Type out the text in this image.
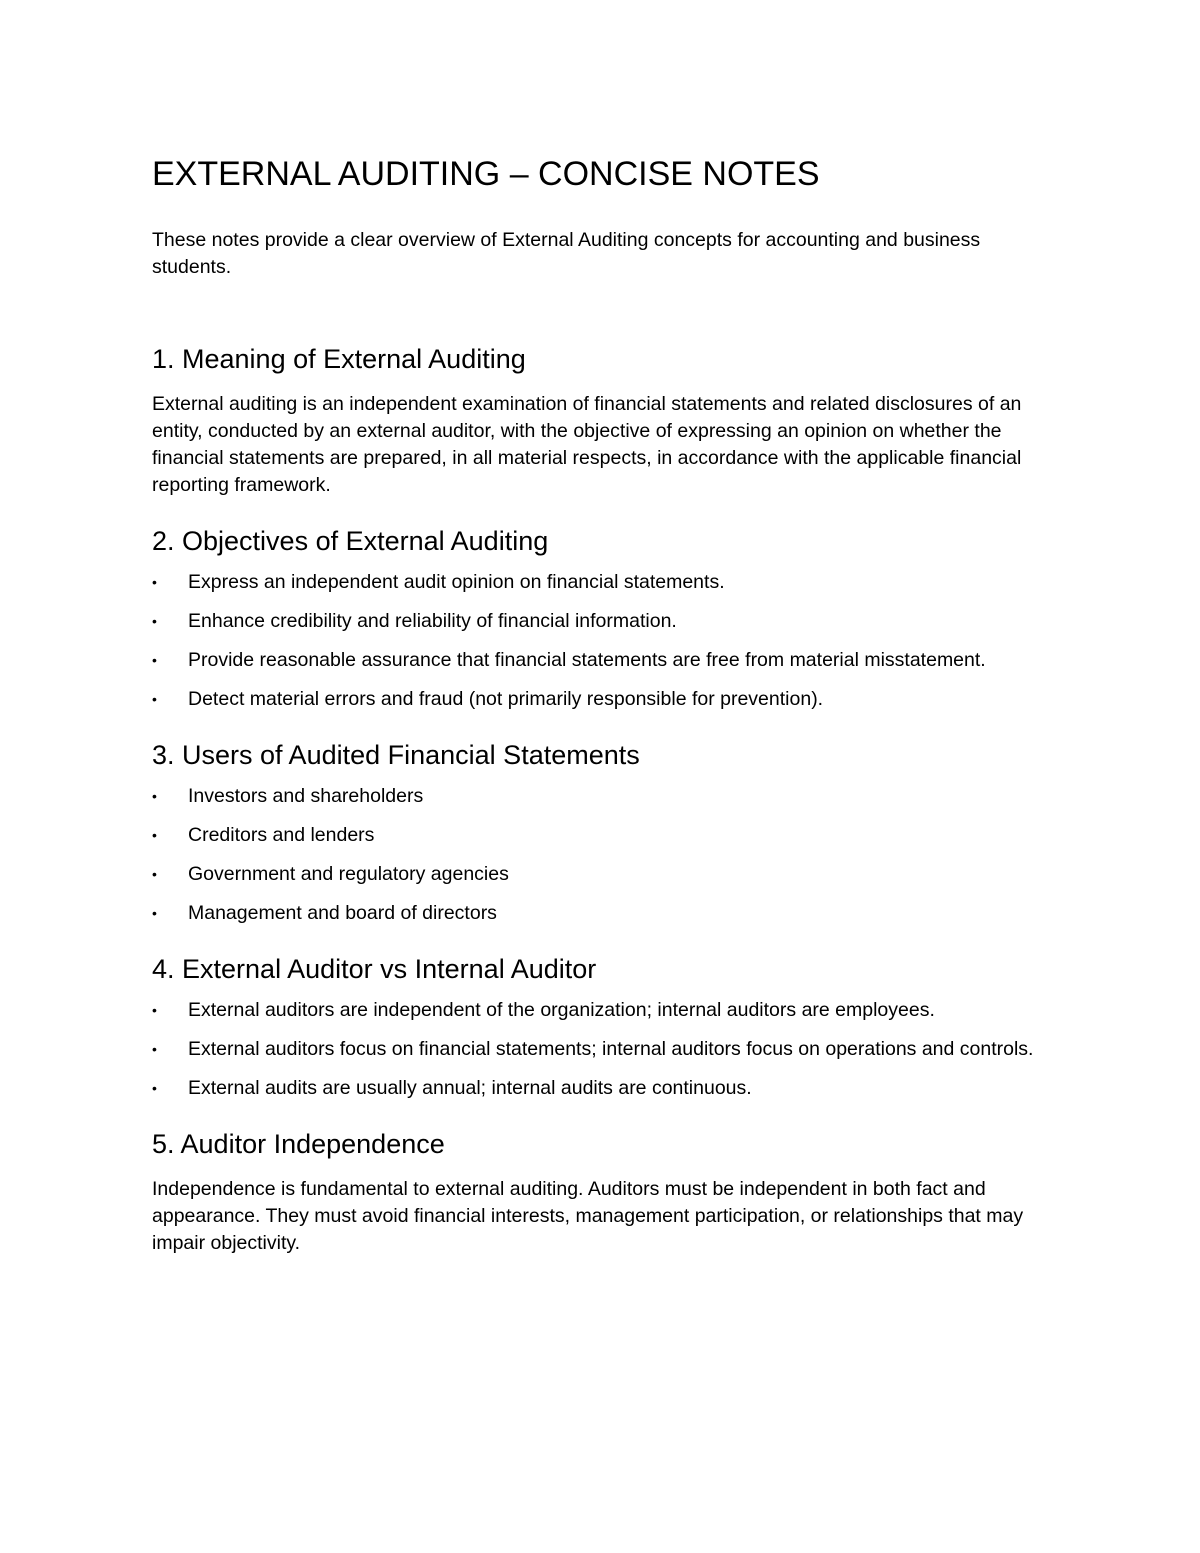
EXTERNAL AUDITING – CONCISE NOTES

These notes provide a clear overview of External Auditing concepts for accounting and business students.

1. Meaning of External Auditing

External auditing is an independent examination of financial statements and related disclosures of an entity, conducted by an external auditor, with the objective of expressing an opinion on whether the financial statements are prepared, in all material respects, in accordance with the applicable financial reporting framework.

2. Objectives of External Auditing
• Express an independent audit opinion on financial statements.
• Enhance credibility and reliability of financial information.
• Provide reasonable assurance that financial statements are free from material misstatement.
• Detect material errors and fraud (not primarily responsible for prevention).
3. Users of Audited Financial Statements
• Investors and shareholders
• Creditors and lenders
• Government and regulatory agencies
• Management and board of directors
4. External Auditor vs Internal Auditor
• External auditors are independent of the organization; internal auditors are employees.
• External auditors focus on financial statements; internal auditors focus on operations and controls.
• External audits are usually annual; internal audits are continuous.
5. Auditor Independence

Independence is fundamental to external auditing. Auditors must be independent in both fact and appearance. They must avoid financial interests, management participation, or relationships that may impair objectivity.
